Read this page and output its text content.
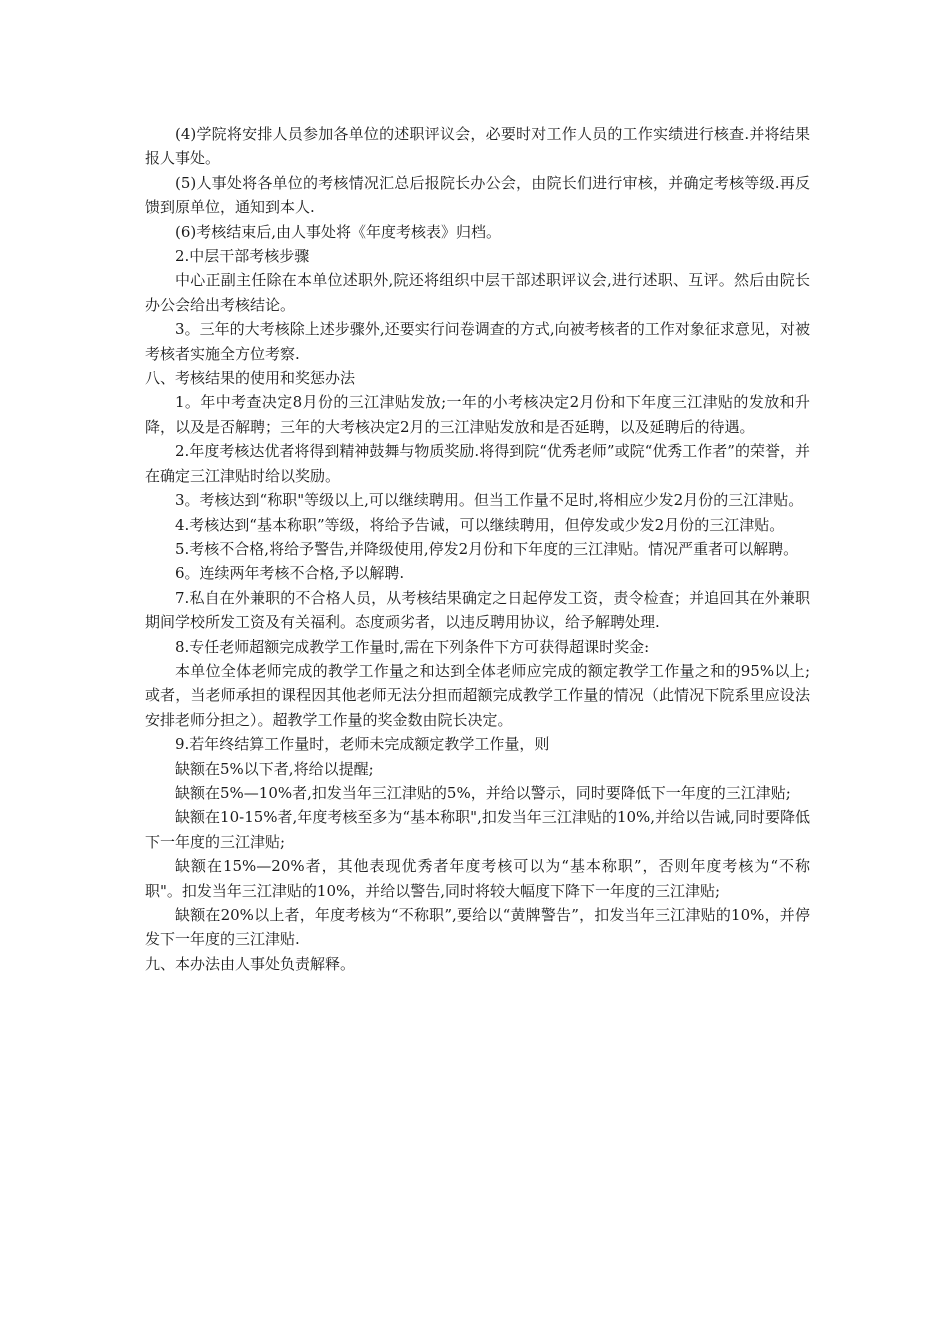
(4)学院将安排人员参加各单位的述职评议会，必要时对工作人员的工作实绩进行核查.并将结果报人事处。

(5)人事处将各单位的考核情况汇总后报院长办公会，由院长们进行审核，并确定考核等级.再反馈到原单位，通知到本人.

(6)考核结束后,由人事处将《年度考核表》归档。

2.中层干部考核步骤

中心正副主任除在本单位述职外,院还将组织中层干部述职评议会,进行述职、互评。然后由院长办公会给出考核结论。

3。三年的大考核除上述步骤外,还要实行问卷调查的方式,向被考核者的工作对象征求意见，对被考核者实施全方位考察.

八、考核结果的使用和奖惩办法

1。年中考查决定8月份的三江津贴发放;一年的小考核决定2月份和下年度三江津贴的发放和升降，以及是否解聘；三年的大考核决定2月的三江津贴发放和是否延聘，以及延聘后的待遇。

2.年度考核达优者将得到精神鼓舞与物质奖励.将得到院“优秀老师”或院“优秀工作者”的荣誉，并在确定三江津贴时给以奖励。

3。考核达到“称职"等级以上,可以继续聘用。但当工作量不足时,将相应少发2月份的三江津贴。

4.考核达到“基本称职”等级，将给予告诫，可以继续聘用，但停发或少发2月份的三江津贴。

5.考核不合格,将给予警告,并降级使用,停发2月份和下年度的三江津贴。情况严重者可以解聘。

6。连续两年考核不合格,予以解聘.

7.私自在外兼职的不合格人员，从考核结果确定之日起停发工资，责令检查；并追回其在外兼职期间学校所发工资及有关福利。态度顽劣者，以违反聘用协议，给予解聘处理.

8.专任老师超额完成教学工作量时,需在下列条件下方可获得超课时奖金:

本单位全体老师完成的教学工作量之和达到全体老师应完成的额定教学工作量之和的95%以上;或者，当老师承担的课程因其他老师无法分担而超额完成教学工作量的情况（此情况下院系里应设法安排老师分担之）。超教学工作量的奖金数由院长决定。

9.若年终结算工作量时，老师未完成额定教学工作量，则

缺额在5%以下者,将给以提醒;

缺额在5%—10%者,扣发当年三江津贴的5%，并给以警示，同时要降低下一年度的三江津贴;

缺额在10-15%者,年度考核至多为“基本称职",扣发当年三江津贴的10%,并给以告诫,同时要降低下一年度的三江津贴;

缺额在15%—20%者，其他表现优秀者年度考核可以为“基本称职”，否则年度考核为“不称职"。扣发当年三江津贴的10%，并给以警告,同时将较大幅度下降下一年度的三江津贴;

缺额在20%以上者，年度考核为“不称职”,要给以“黄牌警告”，扣发当年三江津贴的10%，并停发下一年度的三江津贴.

九、本办法由人事处负责解释。
